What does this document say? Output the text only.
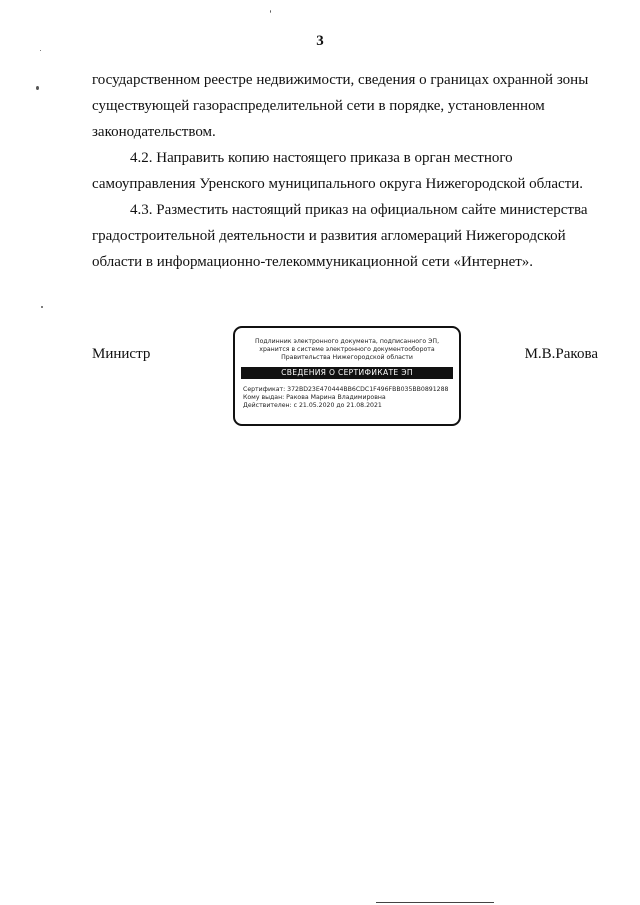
3

государственном реестре недвижимости, сведения о границах охранной зоны

существующей газораспределительной сети в порядке, установленном

законодательством.

4.2. Направить копию настоящего приказа в орган местного

самоуправления Уренского муниципального округа Нижегородской области.

4.3. Разместить настоящий приказ на официальном сайте министерства

градостроительной деятельности и развития агломераций Нижегородской

области в информационно-телекоммуникационной сети «Интернет».

Министр	М.В.Ракова
Подлинник электронного документа, подписанного ЭП,
хранится в системе электронного документооборота
Правительства Нижегородской области
СВЕДЕНИЯ О СЕРТИФИКАТЕ ЭП
Сертификат: 372BD23E470444BB6CDC1F496FBB035BB0891288
Кому выдан: Ракова Марина Владимировна
Действителен: с 21.05.2020 до 21.08.2021
